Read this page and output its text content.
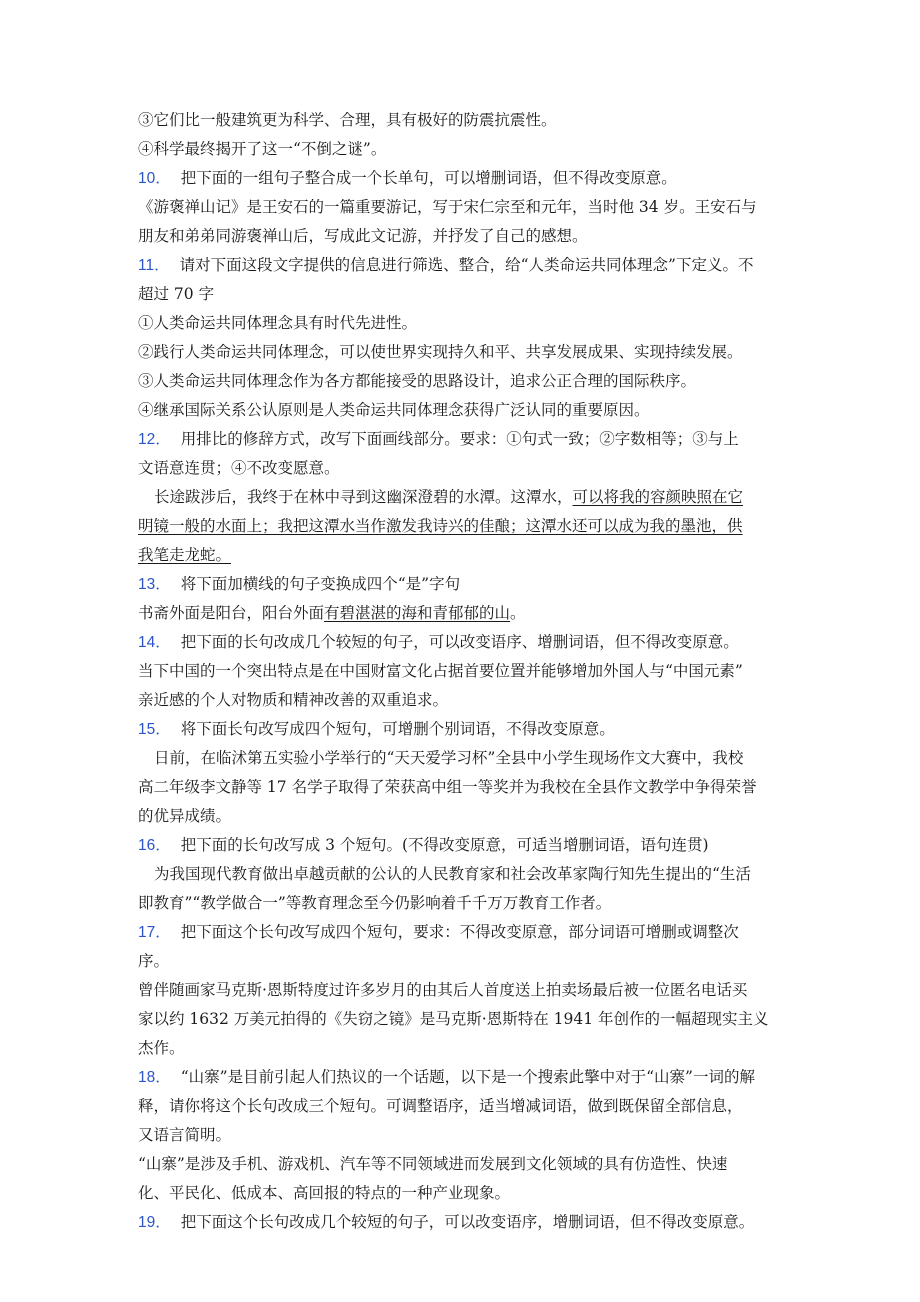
③它们比一般建筑更为科学、合理，具有极好的防震抗震性。
④科学最终揭开了这一“不倒之谜”。
10． 把下面的一组句子整合成一个长单句，可以增删词语，但不得改变原意。
《游褒禅山记》是王安石的一篇重要游记，写于宋仁宗至和元年，当时他 34 岁。王安石与
朋友和弟弟同游褒禅山后，写成此文记游，并抒发了自己的感想。
11． 请对下面这段文字提供的信息进行筛选、整合，给“人类命运共同体理念”下定义。不
超过 70 字
①人类命运共同体理念具有时代先进性。
②践行人类命运共同体理念，可以使世界实现持久和平、共享发展成果、实现持续发展。
③人类命运共同体理念作为各方都能接受的思路设计，追求公正合理的国际秩序。
④继承国际关系公认原则是人类命运共同体理念获得广泛认同的重要原因。
12． 用排比的修辞方式，改写下面画线部分。要求：①句式一致；②字数相等；③与上
文语意连贯；④不改变愿意。
长途跋涉后，我终于在林中寻到这幽深澄碧的水潭。这潭水，可以将我的容颜映照在它
明镜一般的水面上；我把这潭水当作激发我诗兴的佳酿；这潭水还可以成为我的墨池，供
我笔走龙蛇。
13． 将下面加横线的句子变换成四个“是”字句
书斋外面是阳台，阳台外面有碧湛湛的海和青郁郁的山。
14． 把下面的长句改成几个较短的句子，可以改变语序、增删词语，但不得改变原意。
当下中国的一个突出特点是在中国财富文化占据首要位置并能够增加外国人与“中国元素”
亲近感的个人对物质和精神改善的双重追求。
15． 将下面长句改写成四个短句，可增删个别词语，不得改变原意。
日前，在临沭第五实验小学举行的“天天爱学习杯”全县中小学生现场作文大赛中，我校
高二年级李文静等 17 名学子取得了荣获高中组一等奖并为我校在全县作文教学中争得荣誉
的优异成绩。
16． 把下面的长句改写成 3 个短句。(不得改变原意，可适当增删词语，语句连贯)
为我国现代教育做出卓越贡献的公认的人民教育家和社会改革家陶行知先生提出的“生活
即教育”“教学做合一”等教育理念至今仍影响着千千万万教育工作者。
17． 把下面这个长句改写成四个短句，要求：不得改变原意，部分词语可增删或调整次
序。
曾伴随画家马克斯·恩斯特度过许多岁月的由其后人首度送上拍卖场最后被一位匿名电话买
家以约 1632 万美元拍得的《失窃之镜》是马克斯·恩斯特在 1941 年创作的一幅超现实主义
杰作。
18． “山寨”是目前引起人们热议的一个话题，以下是一个搜索此擎中对于“山寨”一词的解
释，请你将这个长句改成三个短句。可调整语序，适当增减词语，做到既保留全部信息，
又语言简明。
“山寨”是涉及手机、游戏机、汽车等不同领域进而发展到文化领域的具有仿造性、快速
化、平民化、低成本、高回报的特点的一种产业现象。
19． 把下面这个长句改成几个较短的句子，可以改变语序，增删词语，但不得改变原意。
